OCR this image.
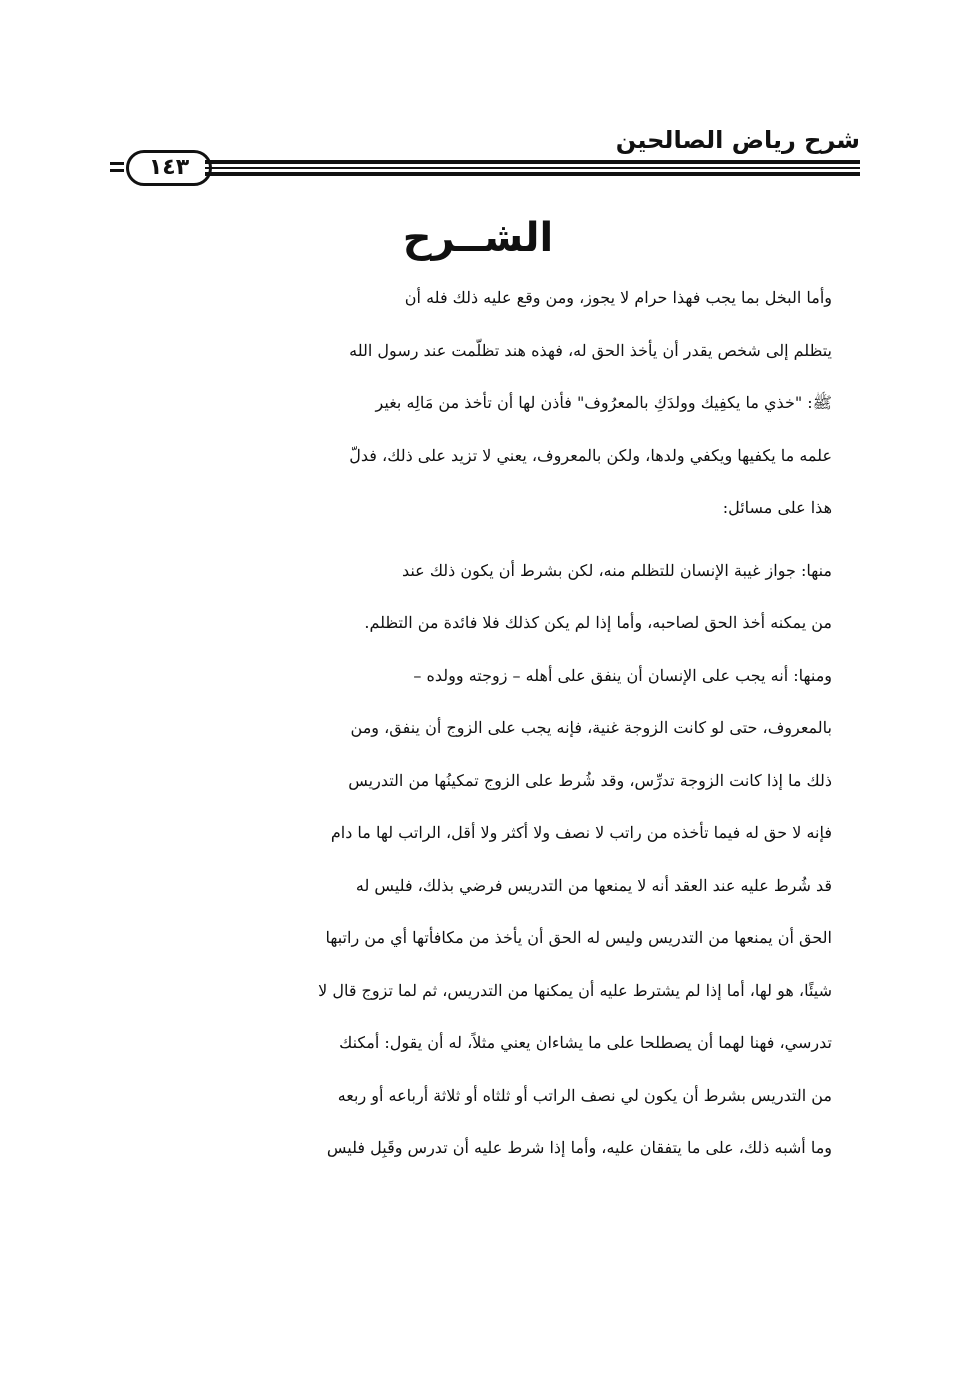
شرح رياض الصالحين
١٤٣
الشــرح

وأما البخل بما يجب فهذا حرام لا يجوز، ومن وقع عليه ذلك فله أن
يتظلم إلى شخص يقدر أن يأخذ الحق له، فهذه هند تظلّمت عند رسول الله
ﷺ: "خذي ما يكفِيك وولدَكِ بالمعرُوف" فأذن لها أن تأخذ من مَالِه بغير
علمه ما يكفيها ويكفي ولدها، ولكن بالمعروف، يعني لا تزيد على ذلك، فدلّ
هذا على مسائل:

منها: جواز غيبة الإنسان للتظلم منه، لكن بشرط أن يكون ذلك عند
من يمكنه أخذ الحق لصاحبه، وأما إذا لم يكن كذلك فلا فائدة من التظلم.

ومنها: أنه يجب على الإنسان أن ينفق على أهله – زوجته وولده –
بالمعروف، حتى لو كانت الزوجة غنية، فإنه يجب على الزوج أن ينفق، ومن
ذلك ما إذا كانت الزوجة تدرِّس، وقد شُرط على الزوج تمكينُها من التدريس
فإنه لا حق له فيما تأخذه من راتب لا نصف ولا أكثر ولا أقل، الراتب لها ما دام
قد شُرط عليه عند العقد أنه لا يمنعها من التدريس فرضي بذلك، فليس له
الحق أن يمنعها من التدريس وليس له الحق أن يأخذ من مكافأتها أي من راتبها
شيئًا، هو لها، أما إذا لم يشترط عليه أن يمكنها من التدريس، ثم لما تزوج قال لا
تدرسي، فهنا لهما أن يصطلحا على ما يشاءان يعني مثلاً، له أن يقول: أمكنك
من التدريس بشرط أن يكون لي نصف الراتب أو ثلثاه أو ثلاثة أرباعه أو ربعه
وما أشبه ذلك، على ما يتفقان عليه، وأما إذا شرط عليه أن تدرس وقَبِل فليس
